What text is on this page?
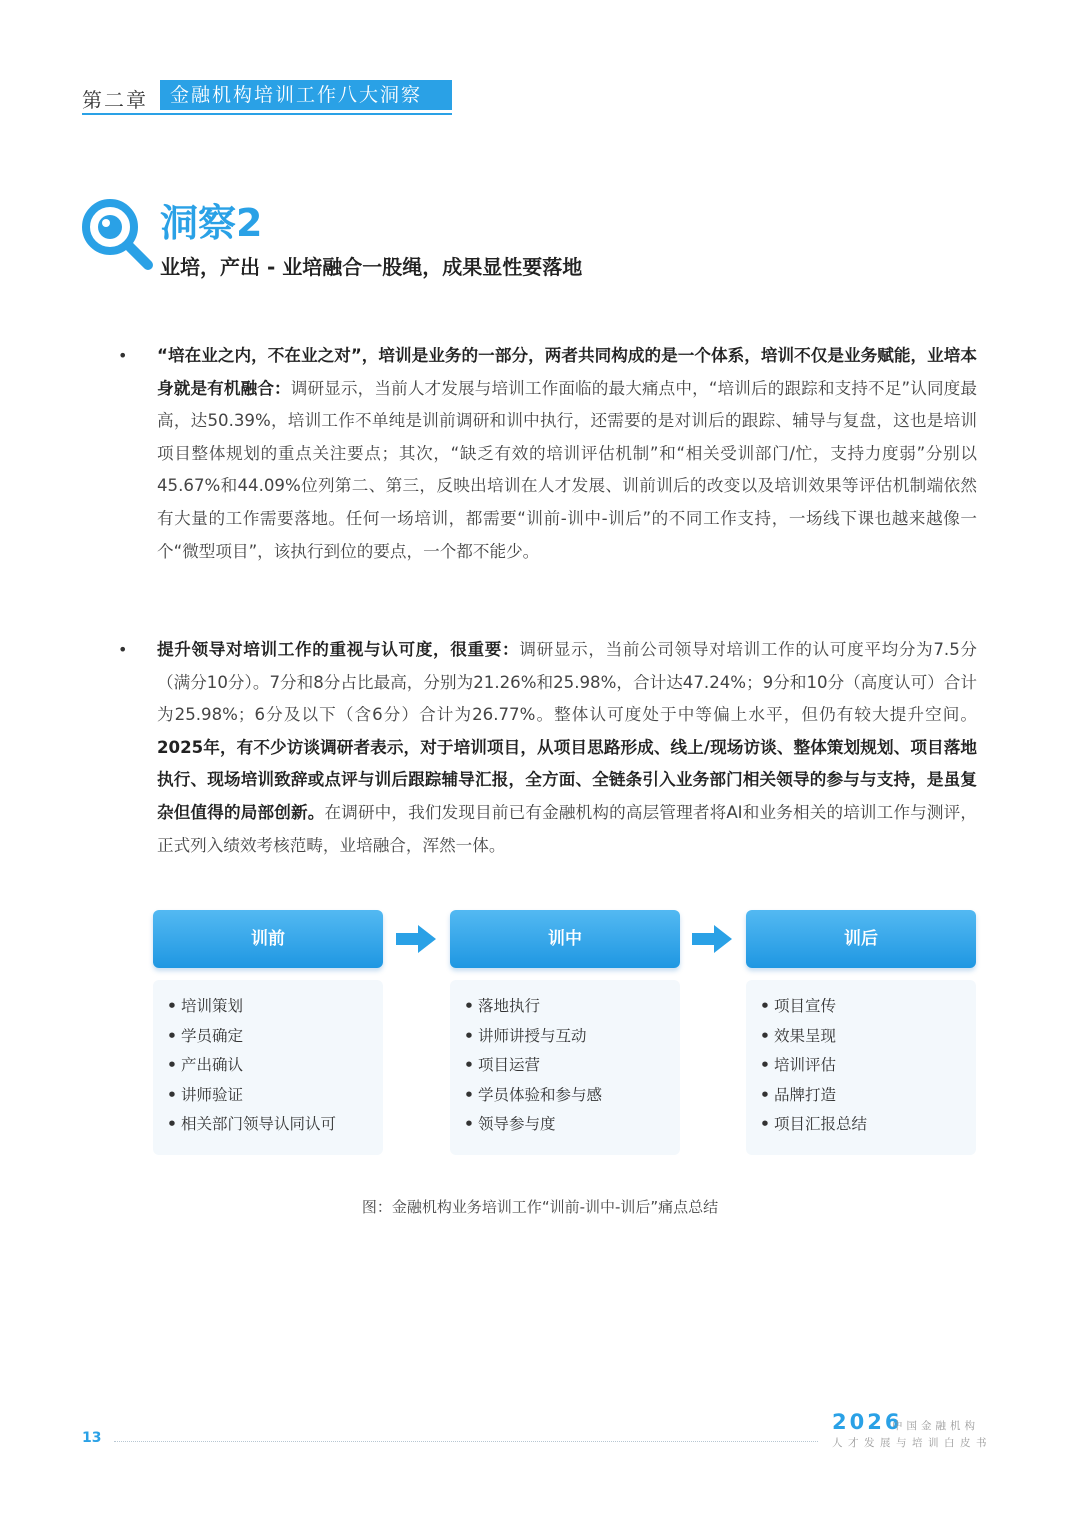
第二章	金融机构培训工作八大洞察
洞察2
业培，产出 - 业培融合一股绳，成果显性要落地
• “培在业之内，不在业之对”，培训是业务的一部分，两者共同构成的是一个体系，培训不仅是业务赋能，业培本身就是有机融合：调研显示，当前人才发展与培训工作面临的最大痛点中，“培训后的跟踪和支持不足”认同度最高，达50.39%，培训工作不单纯是训前调研和训中执行，还需要的是对训后的跟踪、辅导与复盘，这也是培训项目整体规划的重点关注要点；其次，“缺乏有效的培训评估机制”和“相关受训部门/忙，支持力度弱”分别以45.67%和44.09%位列第二、第三，反映出培训在人才发展、训前训后的改变以及培训效果等评估机制端依然有大量的工作需要落地。任何一场培训，都需要“训前-训中-训后”的不同工作支持，一场线下课也越来越像一个“微型项目”，该执行到位的要点，一个都不能少。
• 提升领导对培训工作的重视与认可度，很重要：调研显示，当前公司领导对培训工作的认可度平均分为7.5分（满分10分）。7分和8分占比最高，分别为21.26%和25.98%，合计达47.24%；9分和10分（高度认可）合计为25.98%；6分及以下（含6分）合计为26.77%。整体认可度处于中等偏上水平，但仍有较大提升空间。2025年，有不少访谈调研者表示，对于培训项目，从项目思路形成、线上/现场访谈、整体策划规划、项目落地执行、现场培训致辞或点评与训后跟踪辅导汇报，全方面、全链条引入业务部门相关领导的参与与支持，是虽复杂但值得的局部创新。在调研中，我们发现目前已有金融机构的高层管理者将AI和业务相关的培训工作与测评，正式列入绩效考核范畴，业培融合，浑然一体。
训前	训中	训后
• 培训策划
• 学员确定
• 产出确认
• 讲师验证
• 相关部门领导认同认可
• 落地执行
• 讲师讲授与互动
• 项目运营
• 学员体验和参与感
• 领导参与度
• 项目宣传
• 效果呈现
• 培训评估
• 品牌打造
• 项目汇报总结
图：金融机构业务培训工作“训前-训中-训后”痛点总结
13
2026
中国金融机构
人才发展与培训白皮书
